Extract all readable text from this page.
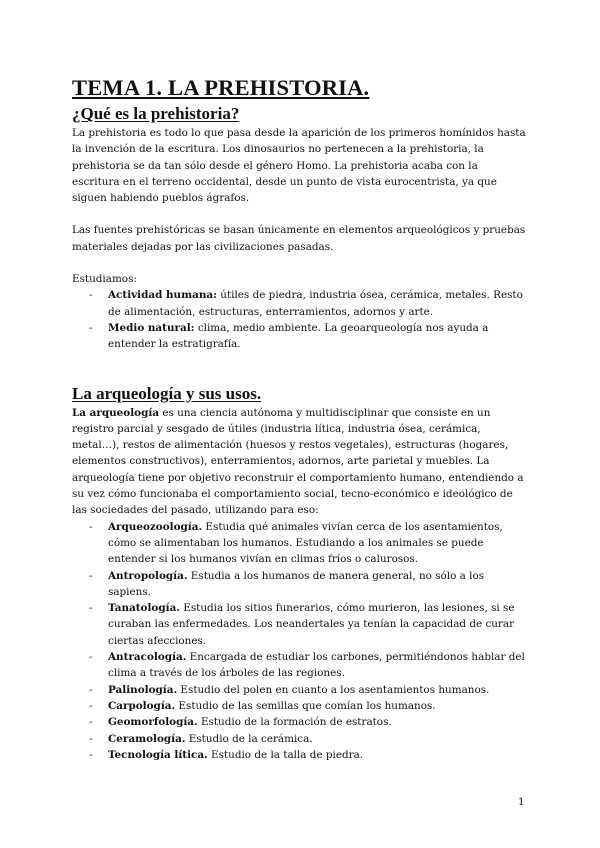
TEMA 1. LA PREHISTORIA.
¿Qué es la prehistoria?

La prehistoria es todo lo que pasa desde la aparición de los primeros homínidos hasta la invención de la escritura. Los dinosaurios no pertenecen a la prehistoria, la prehistoria se da tan sólo desde el género Homo. La prehistoria acaba con la escritura en el terreno occidental, desde un punto de vista eurocentrista, ya que siguen habiendo pueblos ágrafos.

Las fuentes prehistóricas se basan únicamente en elementos arqueológicos y pruebas materiales dejadas por las civilizaciones pasadas.

Estudiamos:

- Actividad humana: útiles de piedra, industria ósea, cerámica, metales. Resto de alimentación, estructuras, enterramientos, adornos y arte.
- Medio natural: clima, medio ambiente. La geoarqueología nos ayuda a entender la estratigrafía.
La arqueología y sus usos.

La arqueología es una ciencia autónoma y multidisciplinar que consiste en un registro parcial y sesgado de útiles (industria lítica, industria ósea, cerámica, metal…), restos de alimentación (huesos y restos vegetales), estructuras (hogares, elementos constructivos), enterramientos, adornos, arte parietal y muebles. La arqueología tiene por objetivo reconstruir el comportamiento humano, entendiendo a su vez cómo funcionaba el comportamiento social, tecno-económico e ideológico de las sociedades del pasado, utilizando para eso:

- Arqueozoología. Estudia qué animales vivían cerca de los asentamientos, cómo se alimentaban los humanos. Estudiando a los animales se puede entender si los humanos vivían en climas fríos o calurosos.
- Antropología. Estudia a los humanos de manera general, no sólo a los sapiens.
- Tanatología. Estudia los sitios funerarios, cómo murieron, las lesiones, si se curaban las enfermedades. Los neandertales ya tenían la capacidad de curar ciertas afecciones.
- Antracología. Encargada de estudiar los carbones, permitiéndonos hablar del clima a través de los árboles de las regiones.
- Palinología. Estudio del polen en cuanto a los asentamientos humanos.
- Carpología. Estudio de las semillas que comían los humanos.
- Geomorfología. Estudio de la formación de estratos.
- Ceramología. Estudio de la cerámica.
- Tecnología lítica. Estudio de la talla de piedra.
1
